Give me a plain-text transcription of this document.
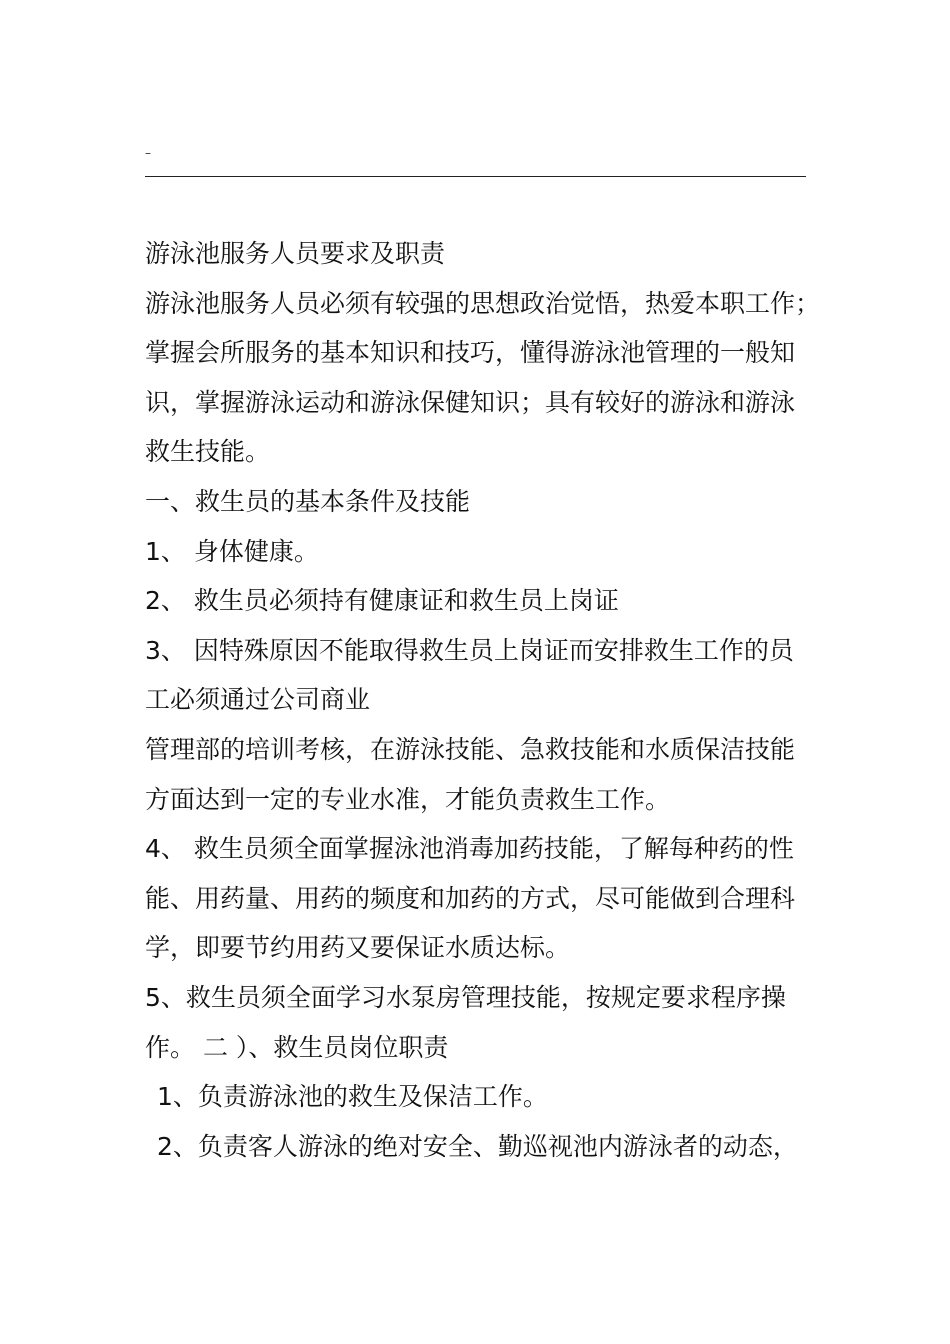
–
游泳池服务人员要求及职责
游泳池服务人员必须有较强的思想政治觉悟，热爱本职工作；
掌握会所服务的基本知识和技巧，懂得游泳池管理的一般知
识，掌握游泳运动和游泳保健知识；具有较好的游泳和游泳
救生技能。
一、救生员的基本条件及技能
1、 身体健康。
2、 救生员必须持有健康证和救生员上岗证
3、 因特殊原因不能取得救生员上岗证而安排救生工作的员
工必须通过公司商业
管理部的培训考核，在游泳技能、急救技能和水质保洁技能
方面达到一定的专业水准，才能负责救生工作。
4、 救生员须全面掌握泳池消毒加药技能，了解每种药的性
能、用药量、用药的频度和加药的方式，尽可能做到合理科
学，即要节约用药又要保证水质达标。
5、救生员须全面学习水泵房管理技能，按规定要求程序操
作。 二 ）、救生员岗位职责
1、负责游泳池的救生及保洁工作。
2、负责客人游泳的绝对安全、勤巡视池内游泳者的动态，
